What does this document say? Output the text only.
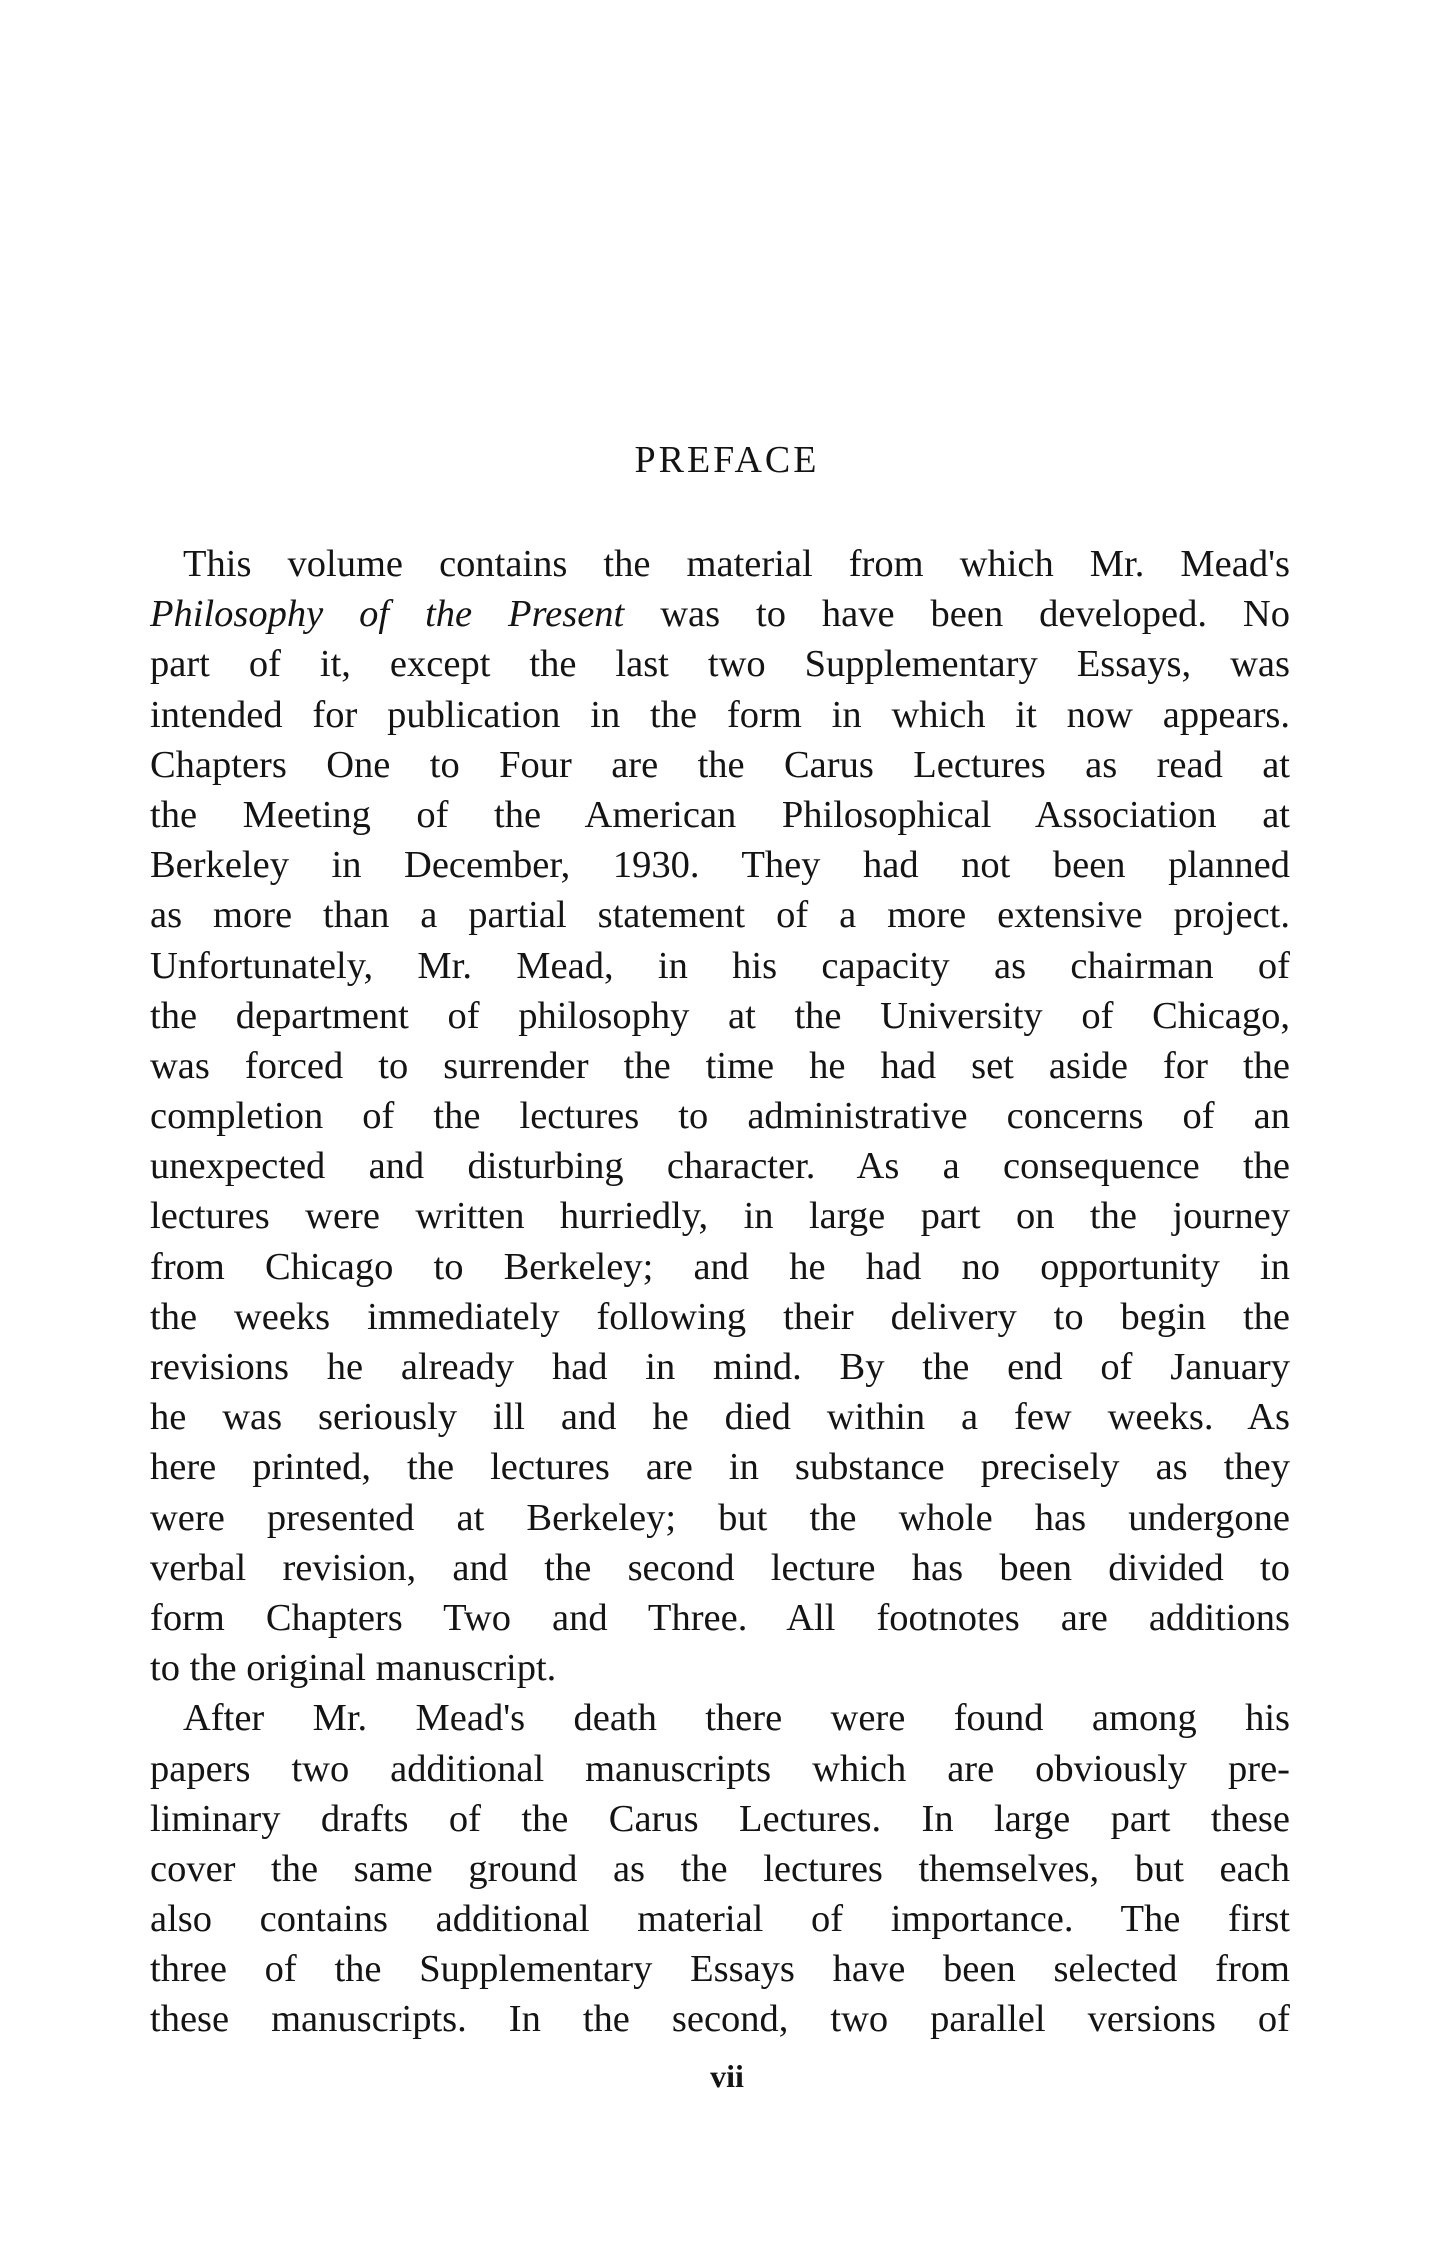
PREFACE
This volume contains the material from which Mr. Mead's
Philosophy of the Present was to have been developed. No
part of it, except the last two Supplementary Essays, was
intended for publication in the form in which it now appears.
Chapters One to Four are the Carus Lectures as read at
the Meeting of the American Philosophical Association at
Berkeley in December, 1930. They had not been planned
as more than a partial statement of a more extensive project.
Unfortunately, Mr. Mead, in his capacity as chairman of
the department of philosophy at the University of Chicago,
was forced to surrender the time he had set aside for the
completion of the lectures to administrative concerns of an
unexpected and disturbing character. As a consequence the
lectures were written hurriedly, in large part on the journey
from Chicago to Berkeley; and he had no opportunity in
the weeks immediately following their delivery to begin the
revisions he already had in mind. By the end of January
he was seriously ill and he died within a few weeks. As
here printed, the lectures are in substance precisely as they
were presented at Berkeley; but the whole has undergone
verbal revision, and the second lecture has been divided to
form Chapters Two and Three. All footnotes are additions
to the original manuscript.
After Mr. Mead's death there were found among his
papers two additional manuscripts which are obviously pre-
liminary drafts of the Carus Lectures. In large part these
cover the same ground as the lectures themselves, but each
also contains additional material of importance. The first
three of the Supplementary Essays have been selected from
these manuscripts. In the second, two parallel versions of
vii
